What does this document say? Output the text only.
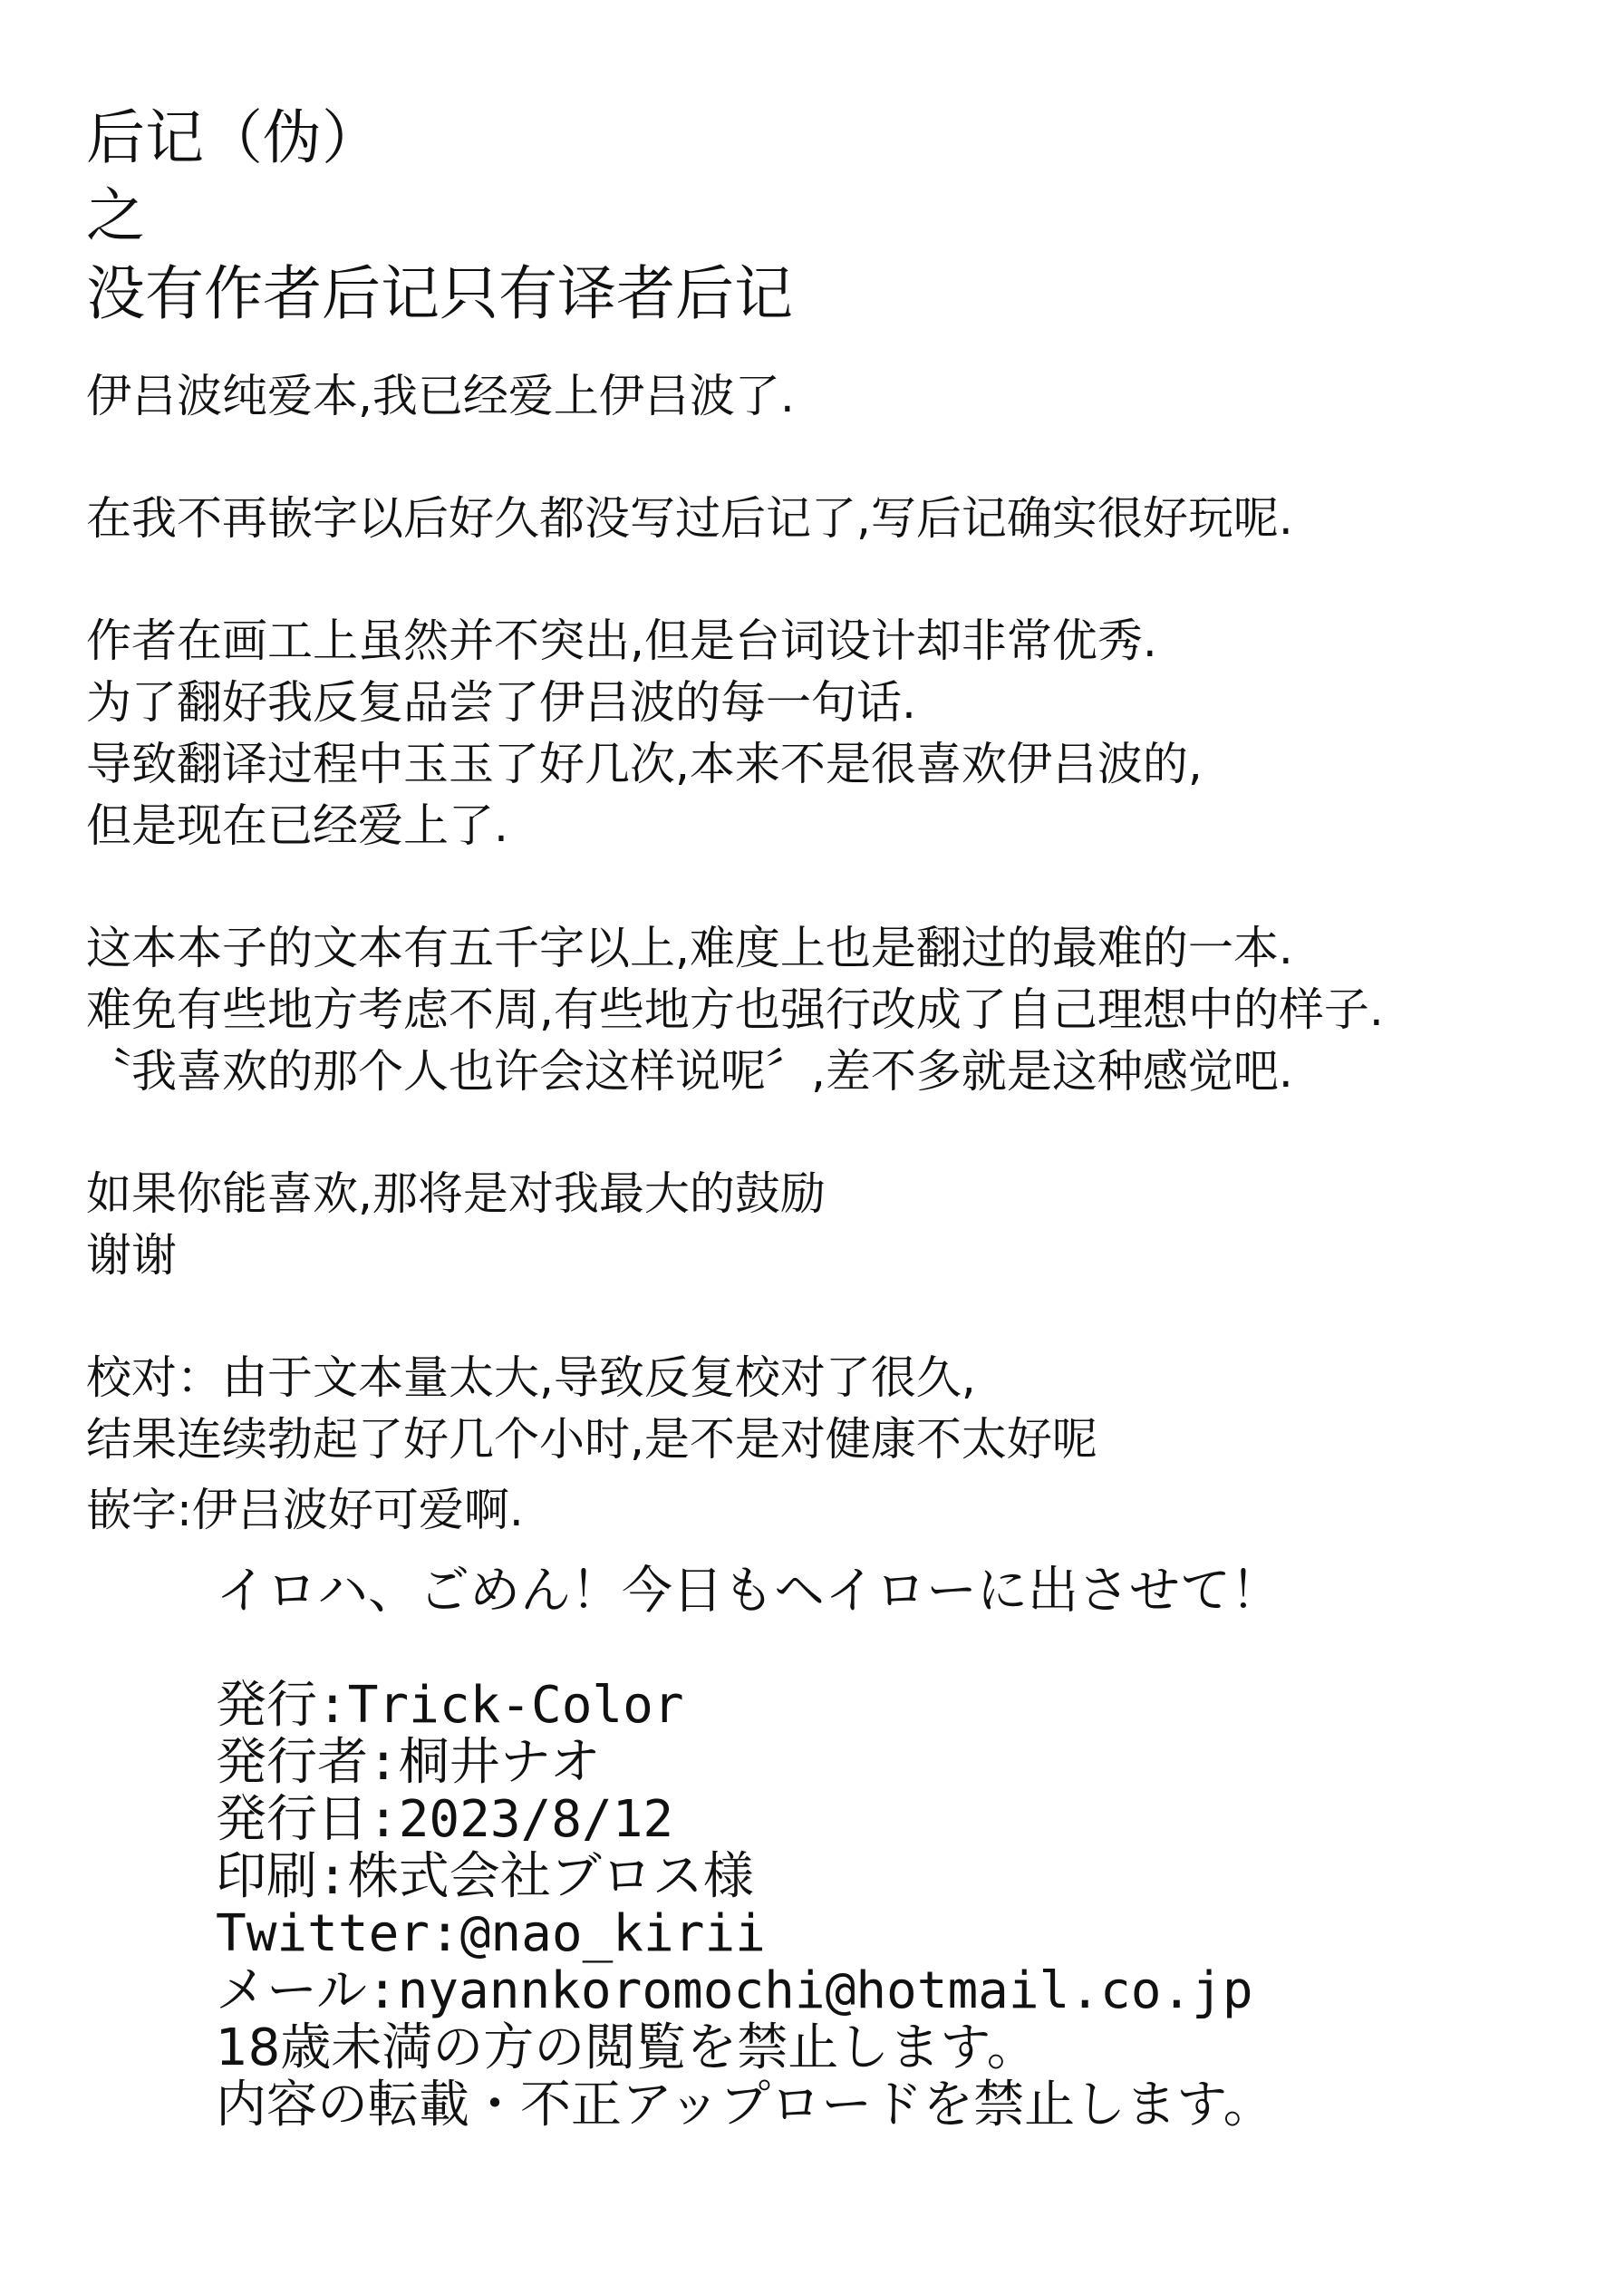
后记（伪）
之
没有作者后记只有译者后记
伊吕波纯爱本,我已经爱上伊吕波了.
在我不再嵌字以后好久都没写过后记了,写后记确实很好玩呢.
作者在画工上虽然并不突出,但是台词设计却非常优秀.
为了翻好我反复品尝了伊吕波的每一句话.
导致翻译过程中玉玉了好几次,本来不是很喜欢伊吕波的,
但是现在已经爱上了.
这本本子的文本有五千字以上,难度上也是翻过的最难的一本.
难免有些地方考虑不周,有些地方也强行改成了自己理想中的样子.
〝我喜欢的那个人也许会这样说呢〞,差不多就是这种感觉吧.
如果你能喜欢,那将是对我最大的鼓励
谢谢
校对：由于文本量太大,导致反复校对了很久,
结果连续勃起了好几个小时,是不是对健康不太好呢
嵌字:伊吕波好可爱啊.
イロハ、ごめん！今日もヘイローに出させて！
発行:Trick-Color
発行者:桐井ナオ
発行日:2023/8/12
印刷:株式会社ブロス様
Twitter:@nao_kirii
メール:nyannkoromochi@hotmail.co.jp
18歳未満の方の閲覧を禁止します。
内容の転載・不正アップロードを禁止します。
